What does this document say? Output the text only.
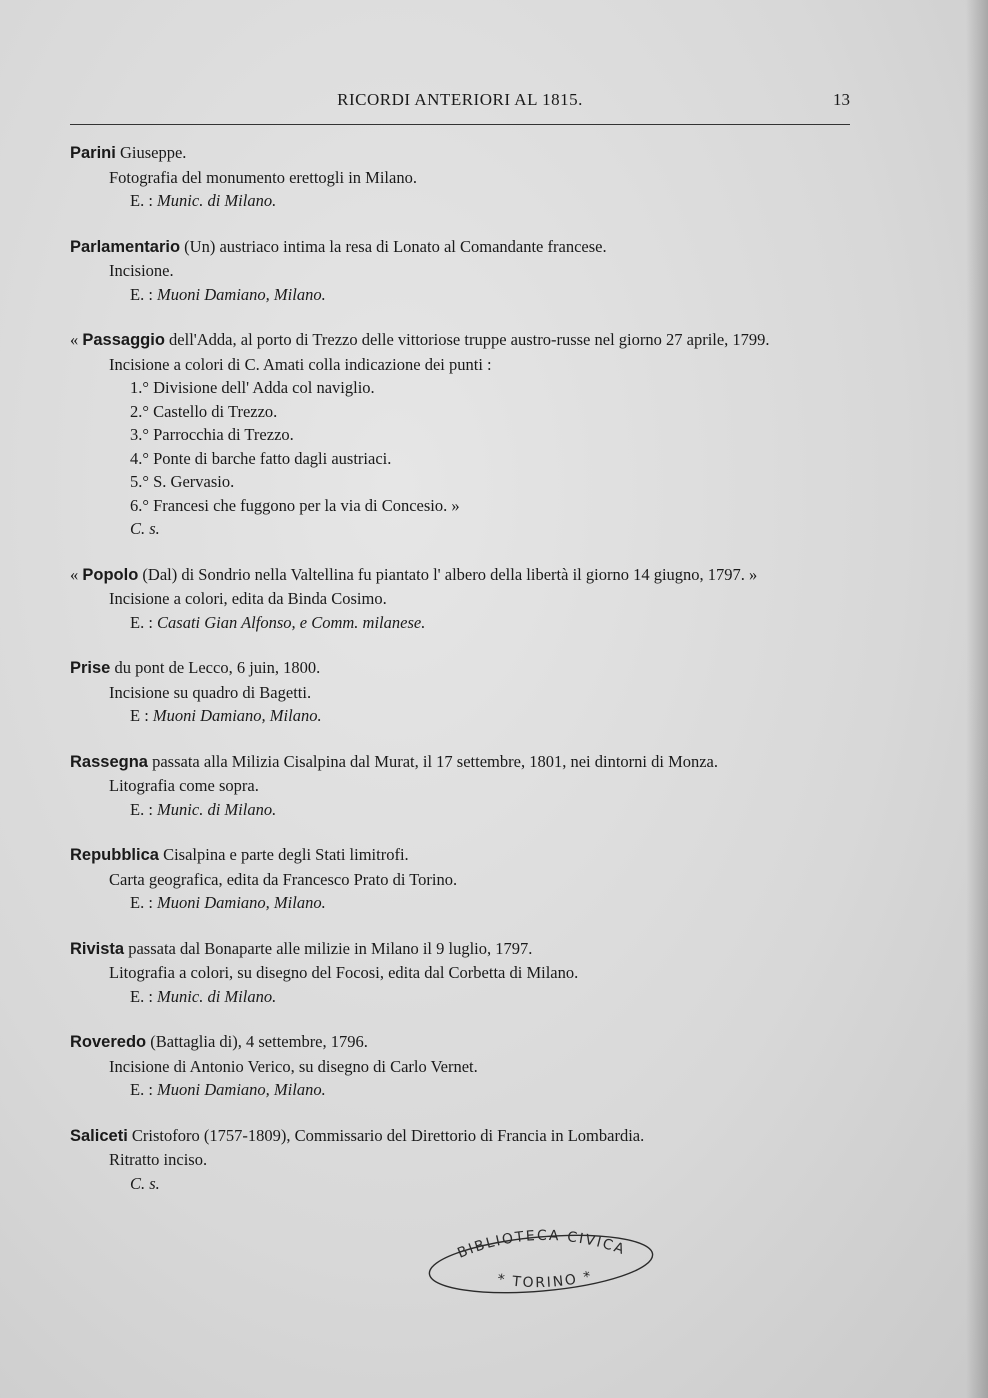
RICORDI ANTERIORI AL 1815.	13
Parini Giuseppe.
Fotografia del monumento erettogli in Milano.
E. : Munic. di Milano.
Parlamentario (Un) austriaco intima la resa di Lonato al Comandante francese.
Incisione.
E. : Muoni Damiano, Milano.
« Passaggio dell'Adda, al porto di Trezzo delle vittoriose truppe austro-russe nel giorno 27 aprile, 1799.
Incisione a colori di C. Amati colla indicazione dei punti :
1.° Divisione dell' Adda col naviglio.
2.° Castello di Trezzo.
3.° Parrocchia di Trezzo.
4.° Ponte di barche fatto dagli austriaci.
5.° S. Gervasio.
6.° Francesi che fuggono per la via di Concesio. »
C. s.
« Popolo (Dal) di Sondrio nella Valtellina fu piantato l' albero della libertà il giorno 14 giugno, 1797. »
Incisione a colori, edita da Binda Cosimo.
E. : Casati Gian Alfonso, e Comm. milanese.
Prise du pont de Lecco, 6 juin, 1800.
Incisione su quadro di Bagetti.
E : Muoni Damiano, Milano.
Rassegna passata alla Milizia Cisalpina dal Murat, il 17 settembre, 1801, nei dintorni di Monza.
Litografia come sopra.
E. : Munic. di Milano.
Repubblica Cisalpina e parte degli Stati limitrofi.
Carta geografica, edita da Francesco Prato di Torino.
E. : Muoni Damiano, Milano.
Rivista passata dal Bonaparte alle milizie in Milano il 9 luglio, 1797.
Litografia a colori, su disegno del Focosi, edita dal Corbetta di Milano.
E. : Munic. di Milano.
Roveredo (Battaglia di), 4 settembre, 1796.
Incisione di Antonio Verico, su disegno di Carlo Vernet.
E. : Muoni Damiano, Milano.
Saliceti Cristoforo (1757-1809), Commissario del Direttorio di Francia in Lombardia.
Ritratto inciso.
C. s.
BIBLIOTECA CIVICA
* TORINO *
